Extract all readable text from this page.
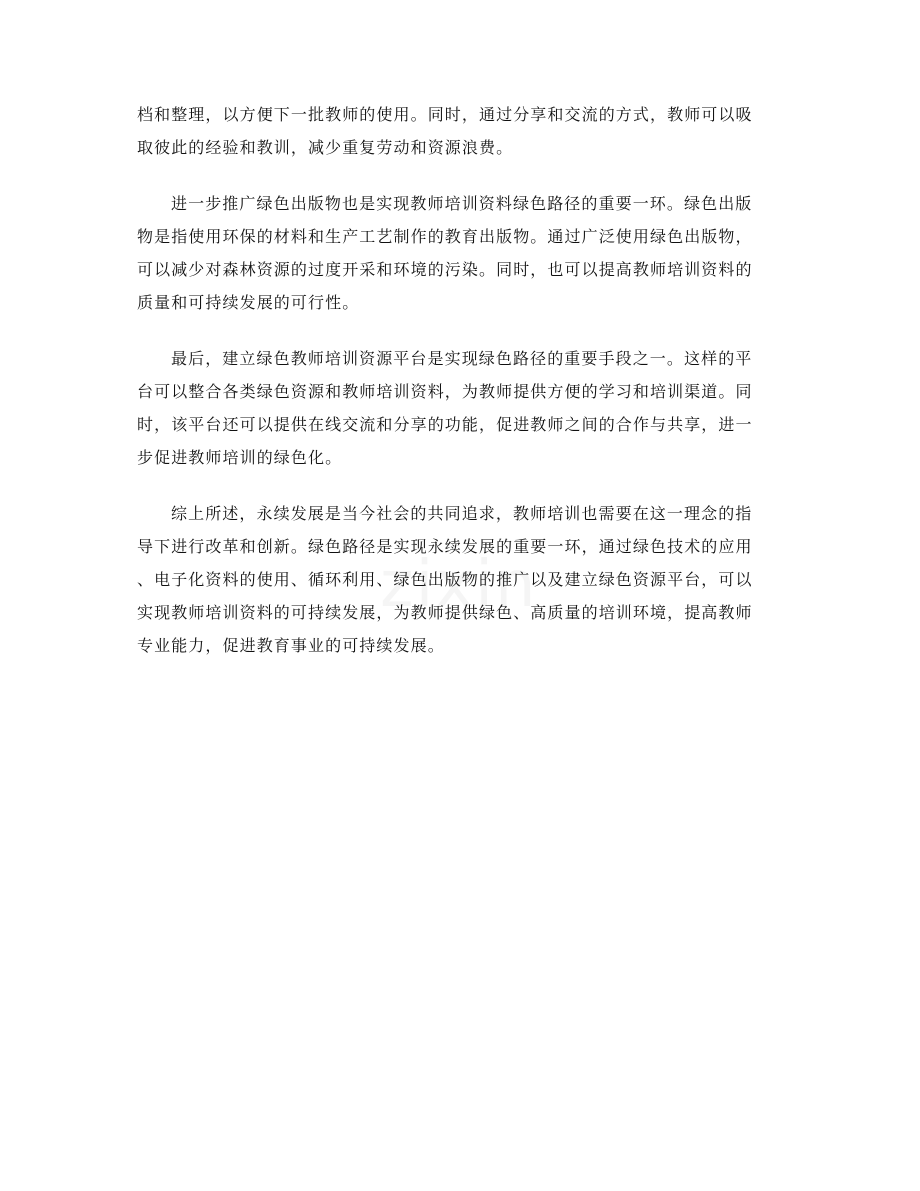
档和整理，以方便下一批教师的使用。同时，通过分享和交流的方式，教师可以吸
取彼此的经验和教训，减少重复劳动和资源浪费。

进一步推广绿色出版物也是实现教师培训资料绿色路径的重要一环。绿色出版
物是指使用环保的材料和生产工艺制作的教育出版物。通过广泛使用绿色出版物，
可以减少对森林资源的过度开采和环境的污染。同时，也可以提高教师培训资料的
质量和可持续发展的可行性。

最后，建立绿色教师培训资源平台是实现绿色路径的重要手段之一。这样的平
台可以整合各类绿色资源和教师培训资料，为教师提供方便的学习和培训渠道。同
时，该平台还可以提供在线交流和分享的功能，促进教师之间的合作与共享，进一
步促进教师培训的绿色化。

综上所述，永续发展是当今社会的共同追求，教师培训也需要在这一理念的指
导下进行改革和创新。绿色路径是实现永续发展的重要一环，通过绿色技术的应用
、电子化资料的使用、循环利用、绿色出版物的推广以及建立绿色资源平台，可以
实现教师培训资料的可持续发展，为教师提供绿色、高质量的培训环境，提高教师
专业能力，促进教育事业的可持续发展。
